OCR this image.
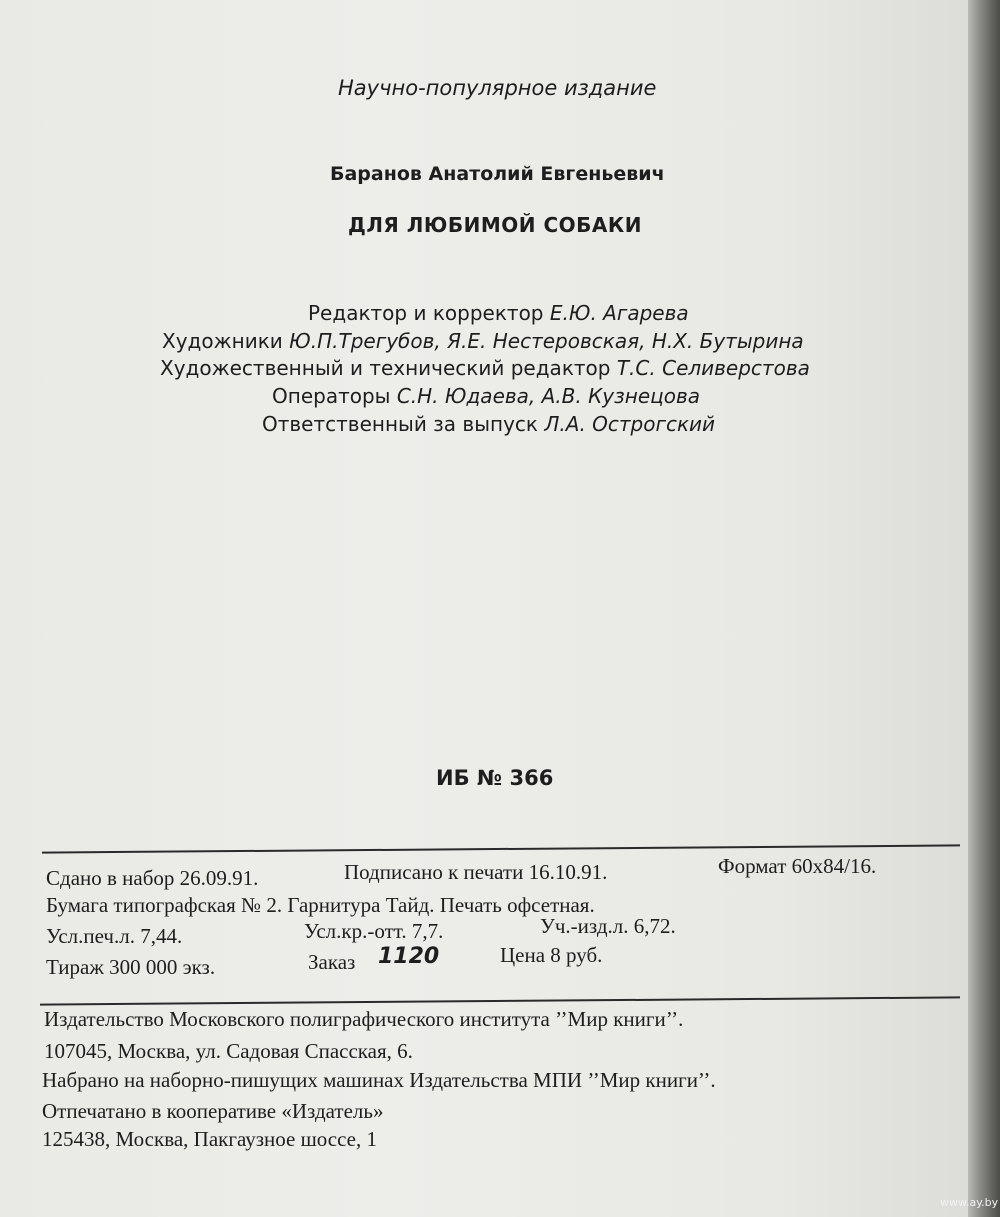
Научно-популярное издание
Баранов Анатолий Евгеньевич
ДЛЯ ЛЮБИМОЙ СОБАКИ
Редактор и корректор Е.Ю. Агарева
Художники Ю.П.Трегубов, Я.Е. Нестеровская, Н.Х. Бутырина
Художественный и технический редактор Т.С. Селиверстова
Операторы С.Н. Юдаева, А.В. Кузнецова
Ответственный за выпуск Л.А. Острогский
ИБ № 366
Сдано в набор 26.09.91.	Подписано к печати 16.10.91.	Формат 60x84/16.
Бумага типографская № 2. Гарнитура Тайд. Печать офсетная.
Усл.печ.л. 7,44.	Усл.кр.-отт. 7,7.	Уч.-изд.л. 6,72.
Тираж 300 000 экз.	Заказ 1120	Цена 8 руб.
Издательство Московского полиграфического института ’’Мир книги’’.
107045, Москва, ул. Садовая Спасская, 6.
Набрано на наборно-пишущих машинах Издательства МПИ ’’Мир книги’’.
Отпечатано в кооперативе «Издатель»
125438, Москва, Пакгаузное шоссе, 1
www.ay.by
